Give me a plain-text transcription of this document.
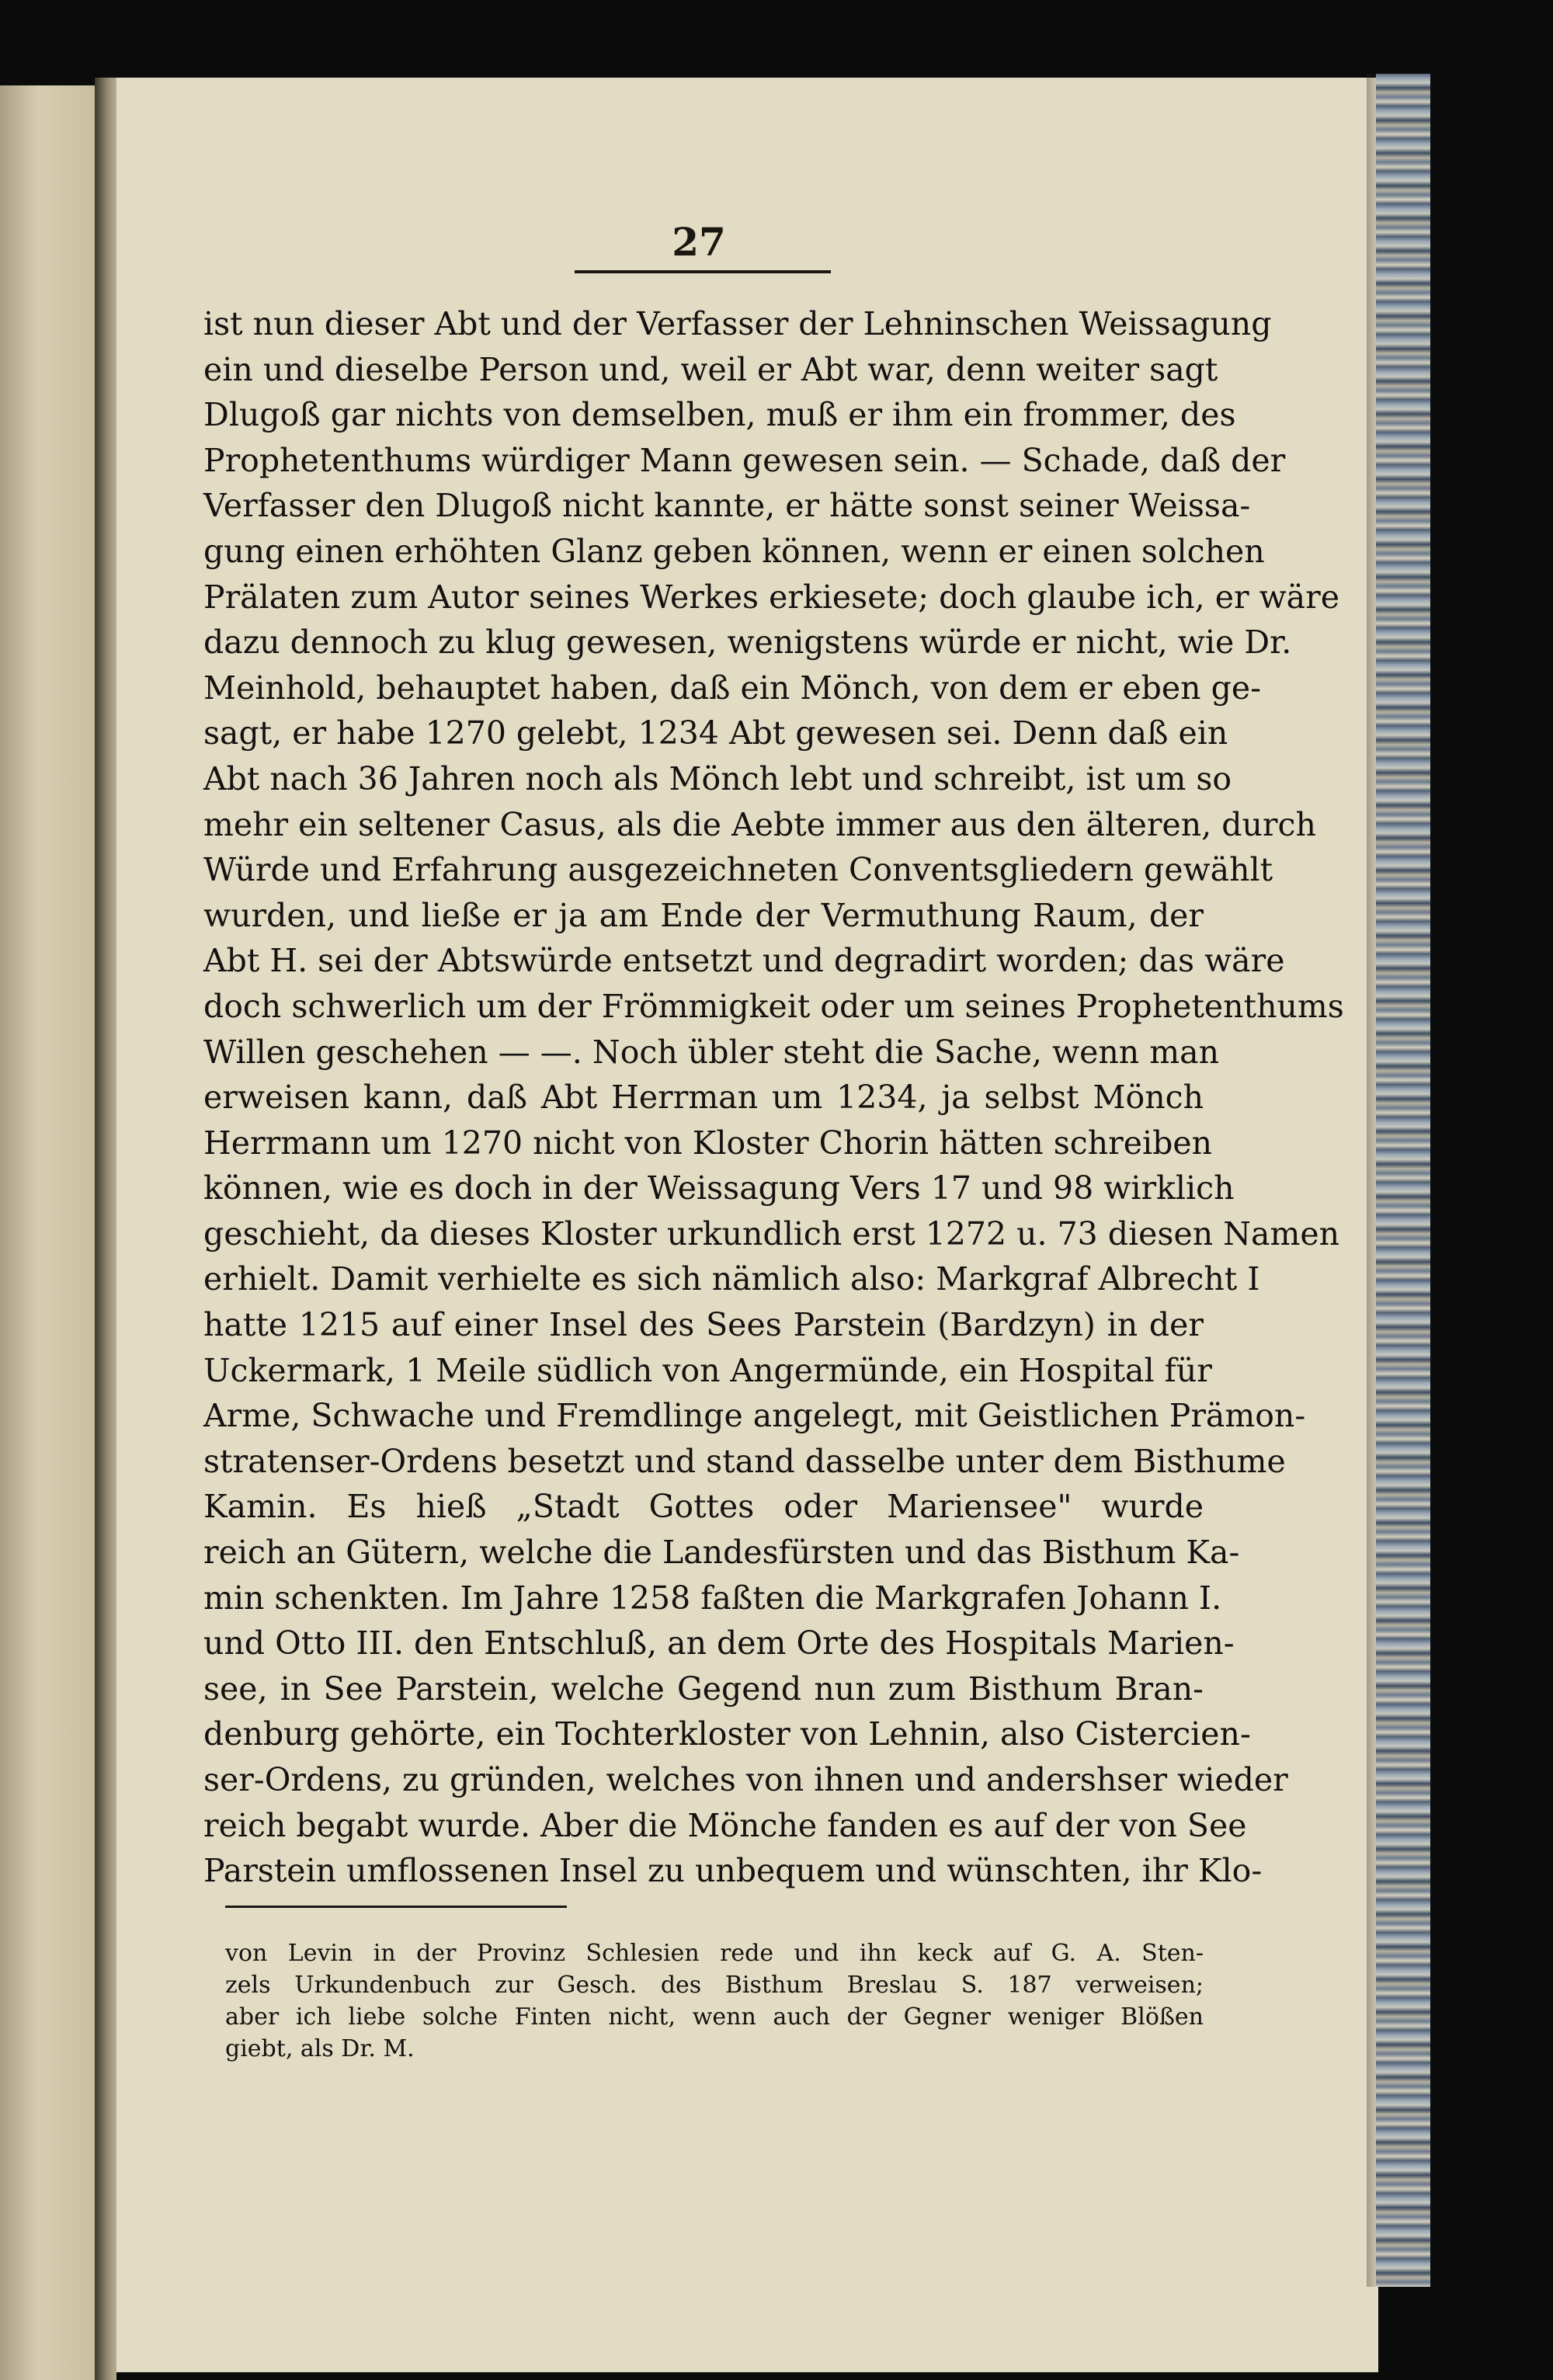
27
ist nun dieser Abt und der Verfasser der Lehninschen Weissagung
ein und dieselbe Person und, weil er Abt war, denn weiter sagt
Dlugoß gar nichts von demselben, muß er ihm ein frommer, des
Prophetenthums würdiger Mann gewesen sein. — Schade, daß der
Verfasser den Dlugoß nicht kannte, er hätte sonst seiner Weissa-
gung einen erhöhten Glanz geben können, wenn er einen solchen
Prälaten zum Autor seines Werkes erkiesete; doch glaube ich, er wäre
dazu dennoch zu klug gewesen, wenigstens würde er nicht, wie Dr.
Meinhold, behauptet haben, daß ein Mönch, von dem er eben ge-
sagt, er habe 1270 gelebt, 1234 Abt gewesen sei. Denn daß ein
Abt nach 36 Jahren noch als Mönch lebt und schreibt, ist um so
mehr ein seltener Casus, als die Aebte immer aus den älteren, durch
Würde und Erfahrung ausgezeichneten Conventsgliedern gewählt
wurden, und ließe er ja am Ende der Vermuthung Raum, der
Abt H. sei der Abtswürde entsetzt und degradirt worden; das wäre
doch schwerlich um der Frömmigkeit oder um seines Prophetenthums
Willen geschehen — —. Noch übler steht die Sache, wenn man
erweisen kann, daß Abt Herrman um 1234, ja selbst Mönch
Herrmann um 1270 nicht von Kloster Chorin hätten schreiben
können, wie es doch in der Weissagung Vers 17 und 98 wirklich
geschieht, da dieses Kloster urkundlich erst 1272 u. 73 diesen Namen
erhielt. Damit verhielte es sich nämlich also: Markgraf Albrecht I
hatte 1215 auf einer Insel des Sees Parstein (Bardzyn) in der
Uckermark, 1 Meile südlich von Angermünde, ein Hospital für
Arme, Schwache und Fremdlinge angelegt, mit Geistlichen Prämon-
stratenser-Ordens besetzt und stand dasselbe unter dem Bisthume
Kamin. Es hieß „Stadt Gottes oder Mariensee" wurde
reich an Gütern, welche die Landesfürsten und das Bisthum Ka-
min schenkten. Im Jahre 1258 faßten die Markgrafen Johann I.
und Otto III. den Entschluß, an dem Orte des Hospitals Marien-
see, in See Parstein, welche Gegend nun zum Bisthum Bran-
denburg gehörte, ein Tochterkloster von Lehnin, also Cistercien-
ser-Ordens, zu gründen, welches von ihnen und andershser wieder
reich begabt wurde. Aber die Mönche fanden es auf der von See
Parstein umflossenen Insel zu unbequem und wünschten, ihr Klo-
von Levin in der Provinz Schlesien rede und ihn keck auf G. A. Sten-
zels Urkundenbuch zur Gesch. des Bisthum Breslau S. 187 verweisen;
aber ich liebe solche Finten nicht, wenn auch der Gegner weniger Blößen
giebt, als Dr. M.
